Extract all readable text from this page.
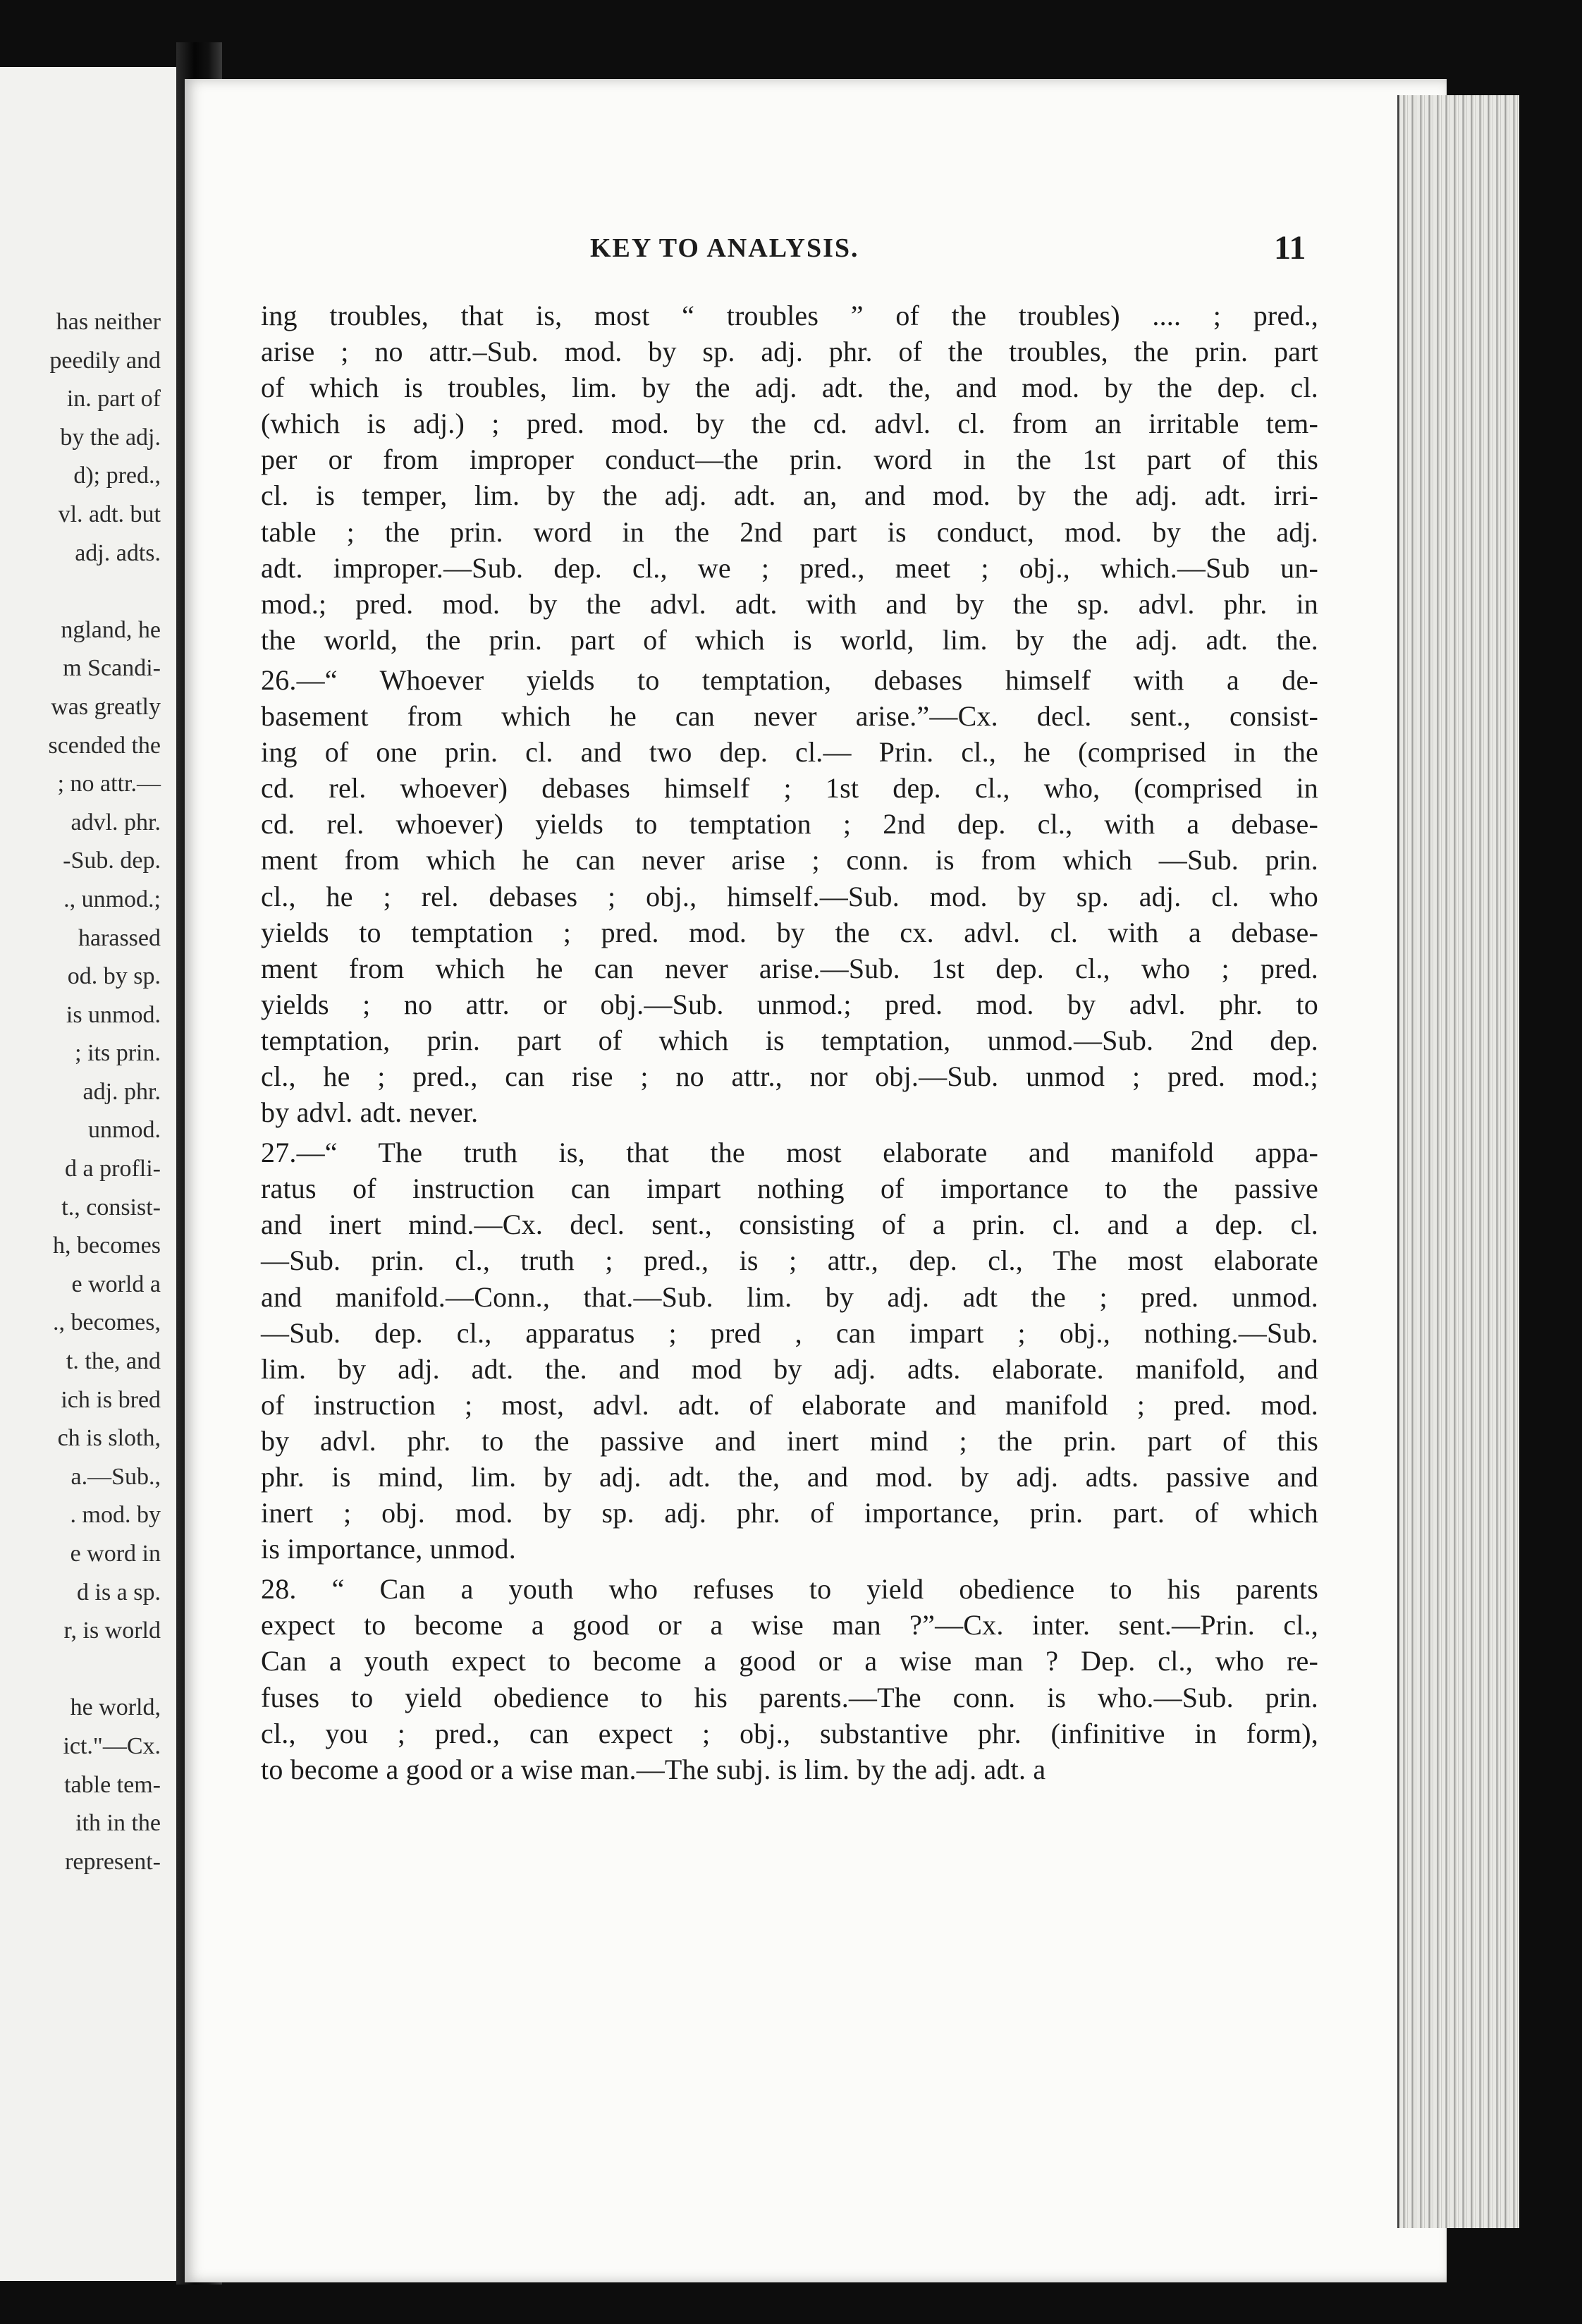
has neither
peedily and
in. part of
by the adj.
d); pred.,
vl. adt. but
adj. adts.

ngland, he
m Scandi-
was greatly
scended the
; no attr.—
advl. phr.
-Sub. dep.
., unmod.;
harassed
od. by sp.
is unmod.
; its prin.
adj. phr.
unmod.
d a profli-
t., consist-
h, becomes
e world a
., becomes,
t. the, and
ich is bred
ch is sloth,
a.—Sub.,
. mod. by
e word in
d is a sp.
r, is world

he world,
ict."—Cx.
table tem-
ith in the
represent-
KEY TO ANALYSIS.	11
ing troubles, that is, most “ troubles ” of the troubles) .... ; pred.,
arise ; no attr.–Sub. mod. by sp. adj. phr. of the troubles, the prin. part
of which is troubles, lim. by the adj. adt. the, and mod. by the dep. cl.
(which is adj.) ; pred. mod. by the cd. advl. cl. from an irritable tem-
per or from improper conduct—the prin. word in the 1st part of this
cl. is temper, lim. by the adj. adt. an, and mod. by the adj. adt. irri-
table ; the prin. word in the 2nd part is conduct, mod. by the adj.
adt. improper.—Sub. dep. cl., we ; pred., meet ; obj., which.—Sub un-
mod.; pred. mod. by the advl. adt. with and by the sp. advl. phr. in
the world, the prin. part of which is world, lim. by the adj. adt. the.
26.—“ Whoever yields to temptation, debases himself with a de-
basement from which he can never arise.”—Cx. decl. sent., consist-
ing of one prin. cl. and two dep. cl.— Prin. cl., he (comprised in the
cd. rel. whoever) debases himself ; 1st dep. cl., who, (comprised in
cd. rel. whoever) yields to temptation ; 2nd dep. cl., with a debase-
ment from which he can never arise ; conn. is from which —Sub. prin.
cl., he ; rel. debases ; obj., himself.—Sub. mod. by sp. adj. cl. who
yields to temptation ; pred. mod. by the cx. advl. cl. with a debase-
ment from which he can never arise.—Sub. 1st dep. cl., who ; pred.
yields ; no attr. or obj.—Sub. unmod.; pred. mod. by advl. phr. to
temptation, prin. part of which is temptation, unmod.—Sub. 2nd dep.
cl., he ; pred., can rise ; no attr., nor obj.—Sub. unmod ; pred. mod.;
by advl. adt. never.
27.—“ The truth is, that the most elaborate and manifold appa-
ratus of instruction can impart nothing of importance to the passive
and inert mind.—Cx. decl. sent., consisting of a prin. cl. and a dep. cl.
—Sub. prin. cl., truth ; pred., is ; attr., dep. cl., The most elaborate
and manifold.—Conn., that.—Sub. lim. by adj. adt the ; pred. unmod.
—Sub. dep. cl., apparatus ; pred , can impart ; obj., nothing.—Sub.
lim. by adj. adt. the. and mod by adj. adts. elaborate. manifold, and
of instruction ; most, advl. adt. of elaborate and manifold ; pred. mod.
by advl. phr. to the passive and inert mind ; the prin. part of this
phr. is mind, lim. by adj. adt. the, and mod. by adj. adts. passive and
inert ; obj. mod. by sp. adj. phr. of importance, prin. part. of which
is importance, unmod.
28. “ Can a youth who refuses to yield obedience to his parents
expect to become a good or a wise man ?”—Cx. inter. sent.—Prin. cl.,
Can a youth expect to become a good or a wise man ? Dep. cl., who re-
fuses to yield obedience to his parents.—The conn. is who.—Sub. prin.
cl., you ; pred., can expect ; obj., substantive phr. (infinitive in form),
to become a good or a wise man.—The subj. is lim. by the adj. adt. a
